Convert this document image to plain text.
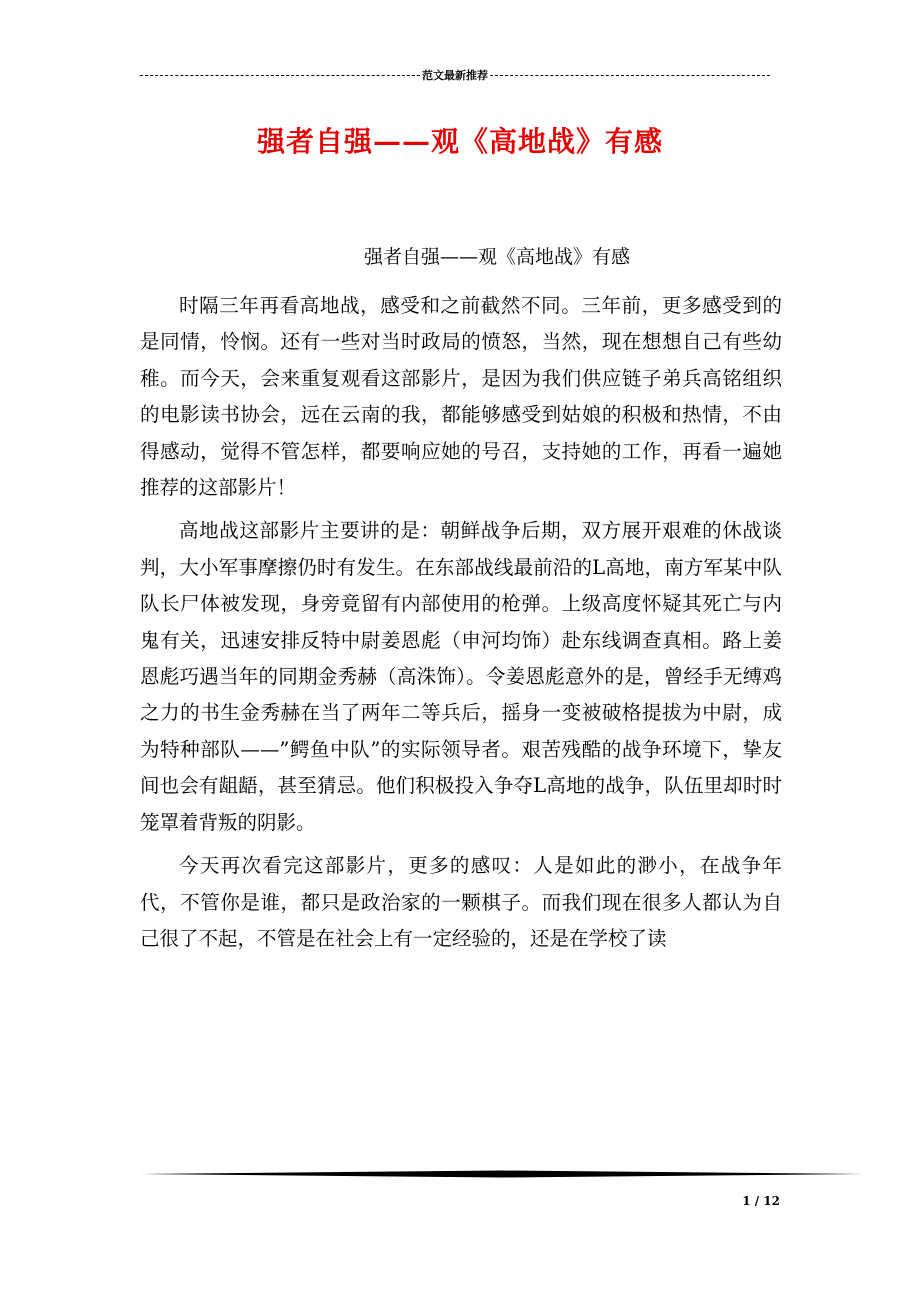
范文最新推荐
强者自强——观《高地战》有感
强者自强——观《高地战》有感

时隔三年再看高地战，感受和之前截然不同。三年前，更多感受到的是同情，怜悯。还有一些对当时政局的愤怒，当然，现在想想自己有些幼稚。而今天，会来重复观看这部影片，是因为我们供应链子弟兵高铭组织的电影读书协会，远在云南的我，都能够感受到姑娘的积极和热情，不由得感动，觉得不管怎样，都要响应她的号召，支持她的工作，再看一遍她推荐的这部影片！

高地战这部影片主要讲的是：朝鲜战争后期，双方展开艰难的休战谈判，大小军事摩擦仍时有发生。在东部战线最前沿的L高地，南方军某中队队长尸体被发现，身旁竟留有内部使用的枪弹。上级高度怀疑其死亡与内鬼有关，迅速安排反特中尉姜恩彪（申河均饰）赴东线调查真相。路上姜恩彪巧遇当年的同期金秀赫（高洙饰）。令姜恩彪意外的是，曾经手无缚鸡之力的书生金秀赫在当了两年二等兵后，摇身一变被破格提拔为中尉，成为特种部队——”鳄鱼中队”的实际领导者。艰苦残酷的战争环境下，挚友间也会有龃龉，甚至猜忌。他们积极投入争夺L高地的战争，队伍里却时时笼罩着背叛的阴影。

今天再次看完这部影片，更多的感叹：人是如此的渺小，在战争年代，不管你是谁，都只是政治家的一颗棋子。而我们现在很多人都认为自己很了不起，不管是在社会上有一定经验的，还是在学校了读

1 / 12
